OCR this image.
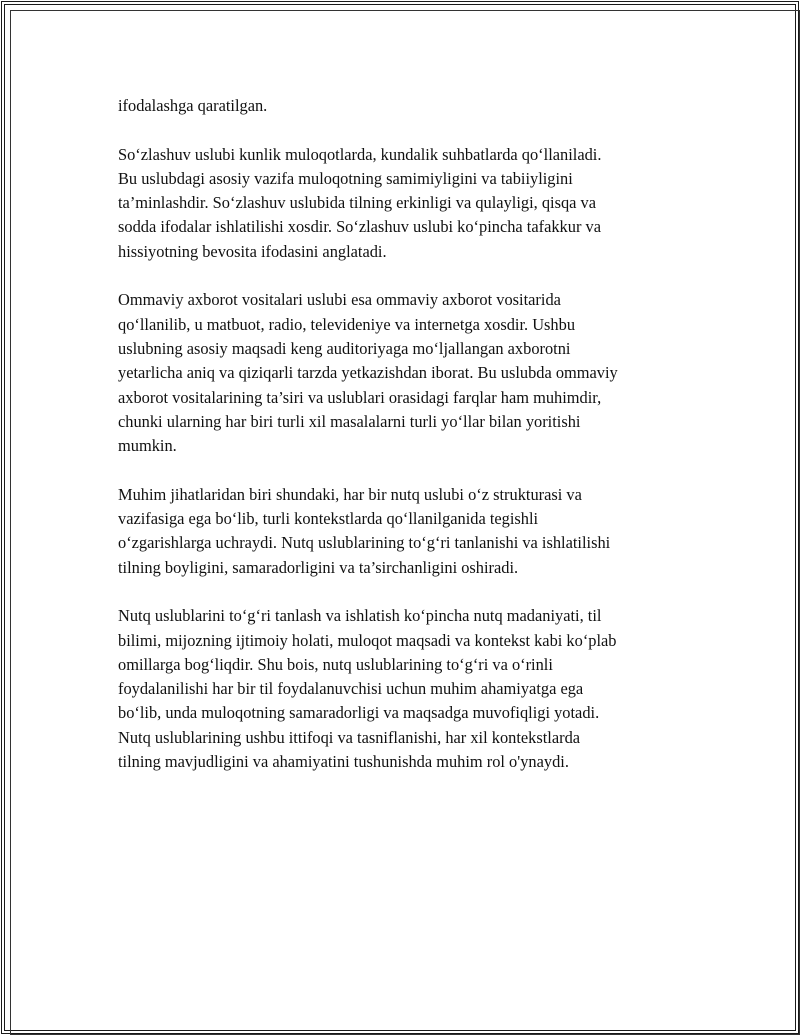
ifodalashga qaratilgan.

So‘zlashuv uslubi kunlik muloqotlarda, kundalik suhbatlarda qo‘llaniladi.
Bu uslubdagi asosiy vazifa muloqotning samimiyligini va tabiiyligini
ta’minlashdir. So‘zlashuv uslubida tilning erkinligi va qulayligi, qisqa va
sodda ifodalar ishlatilishi xosdir. So‘zlashuv uslubi ko‘pincha tafakkur va
hissiyotning bevosita ifodasini anglatadi.

Ommaviy axborot vositalari uslubi esa ommaviy axborot vositarida
qo‘llanilib, u matbuot, radio, televideniye va internetga xosdir. Ushbu
uslubning asosiy maqsadi keng auditoriyaga mo‘ljallangan axborotni
yetarlicha aniq va qiziqarli tarzda yetkazishdan iborat. Bu uslubda ommaviy
axborot vositalarining ta’siri va uslublari orasidagi farqlar ham muhimdir,
chunki ularning har biri turli xil masalalarni turli yo‘llar bilan yoritishi
mumkin.

Muhim jihatlaridan biri shundaki, har bir nutq uslubi o‘z strukturasi va
vazifasiga ega bo‘lib, turli kontekstlarda qo‘llanilganida tegishli
o‘zgarishlarga uchraydi. Nutq uslublarining to‘g‘ri tanlanishi va ishlatilishi
tilning boyligini, samaradorligini va ta’sirchanligini oshiradi.

Nutq uslublarini to‘g‘ri tanlash va ishlatish ko‘pincha nutq madaniyati, til
bilimi, mijozning ijtimoiy holati, muloqot maqsadi va kontekst kabi ko‘plab
omillarga bog‘liqdir. Shu bois, nutq uslublarining to‘g‘ri va o‘rinli
foydalanilishi har bir til foydalanuvchisi uchun muhim ahamiyatga ega
bo‘lib, unda muloqotning samaradorligi va maqsadga muvofiqligi yotadi.
Nutq uslublarining ushbu ittifoqi va tasniflanishi, har xil kontekstlarda
tilning mavjudligini va ahamiyatini tushunishda muhim rol o'ynaydi.
